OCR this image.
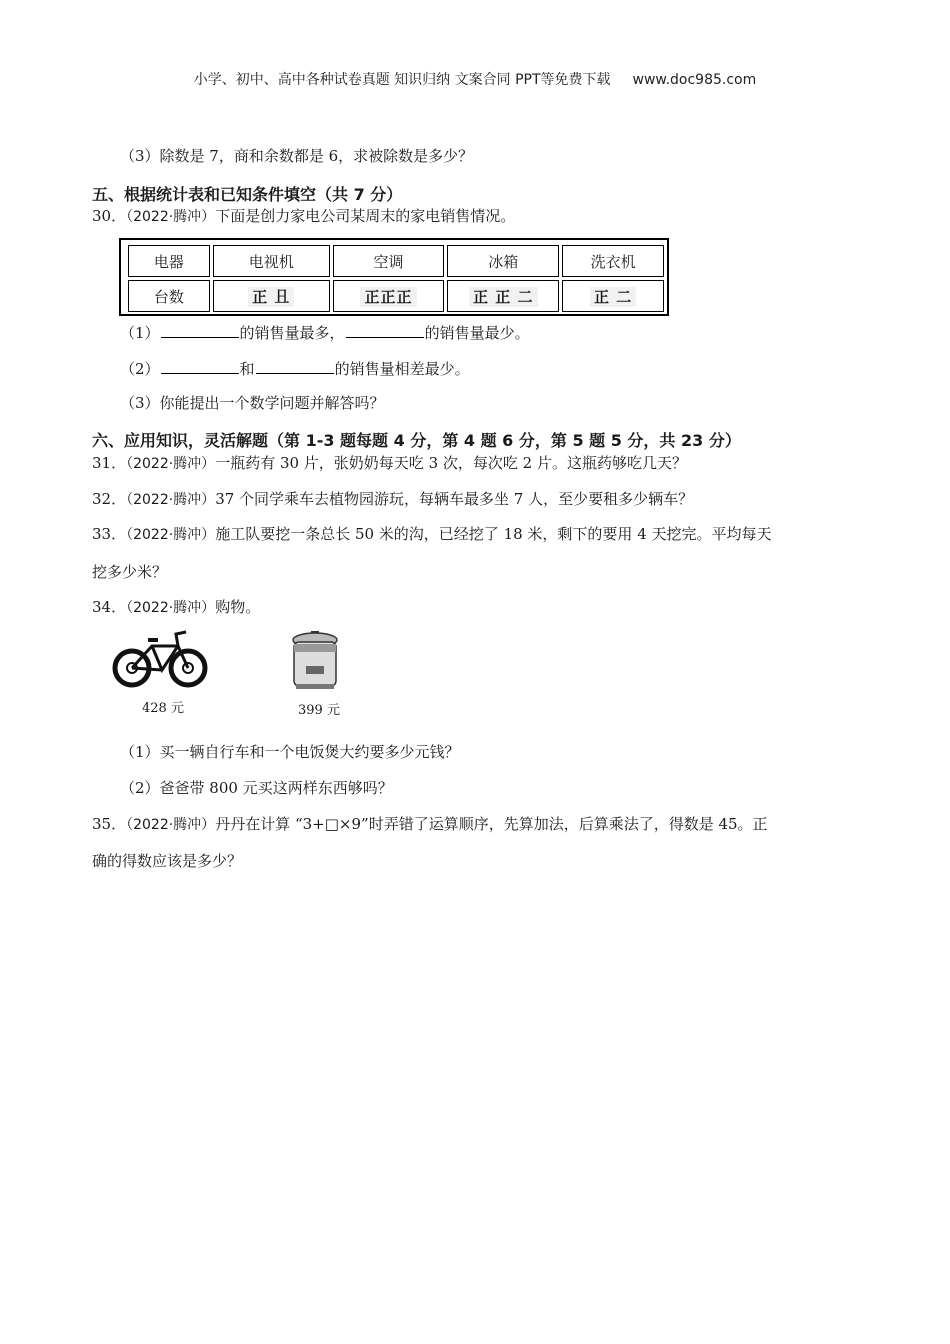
小学、初中、高中各种试卷真题 知识归纳 文案合同 PPT等免费下载 www.doc985.com
（3）除数是 7，商和余数都是 6，求被除数是多少？
五、根据统计表和已知条件填空（共 7 分）
30．（2022·腾冲）下面是创力家电公司某周末的家电销售情况。
电器	电视机	空调	冰箱	洗衣机
台数	正 𠀇	正正正	正 正 ⼆	正 ⼆
（1）	的销售量最多，	的销售量最少。
（2）	和	的销售量相差最少。
（3）你能提出一个数学问题并解答吗？
六、应用知识，灵活解题（第 1-3 题每题 4 分，第 4 题 6 分，第 5 题 5 分，共 23 分）
31．（2022·腾冲）一瓶药有 30 片，张奶奶每天吃 3 次，每次吃 2 片。这瓶药够吃几天？
32．（2022·腾冲）37 个同学乘车去植物园游玩，每辆车最多坐 7 人，至少要租多少辆车？
33．（2022·腾冲）施工队要挖一条总长 50 米的沟，已经挖了 18 米，剩下的要用 4 天挖完。平均每天
挖多少米？
34．（2022·腾冲）购物。
428 元	399 元
（1）买一辆自行车和一个电饭煲大约要多少元钱？
（2）爸爸带 800 元买这两样东西够吗？
35．（2022·腾冲）丹丹在计算 “3+□×9”时弄错了运算顺序，先算加法，后算乘法了，得数是 45。正
确的得数应该是多少？
